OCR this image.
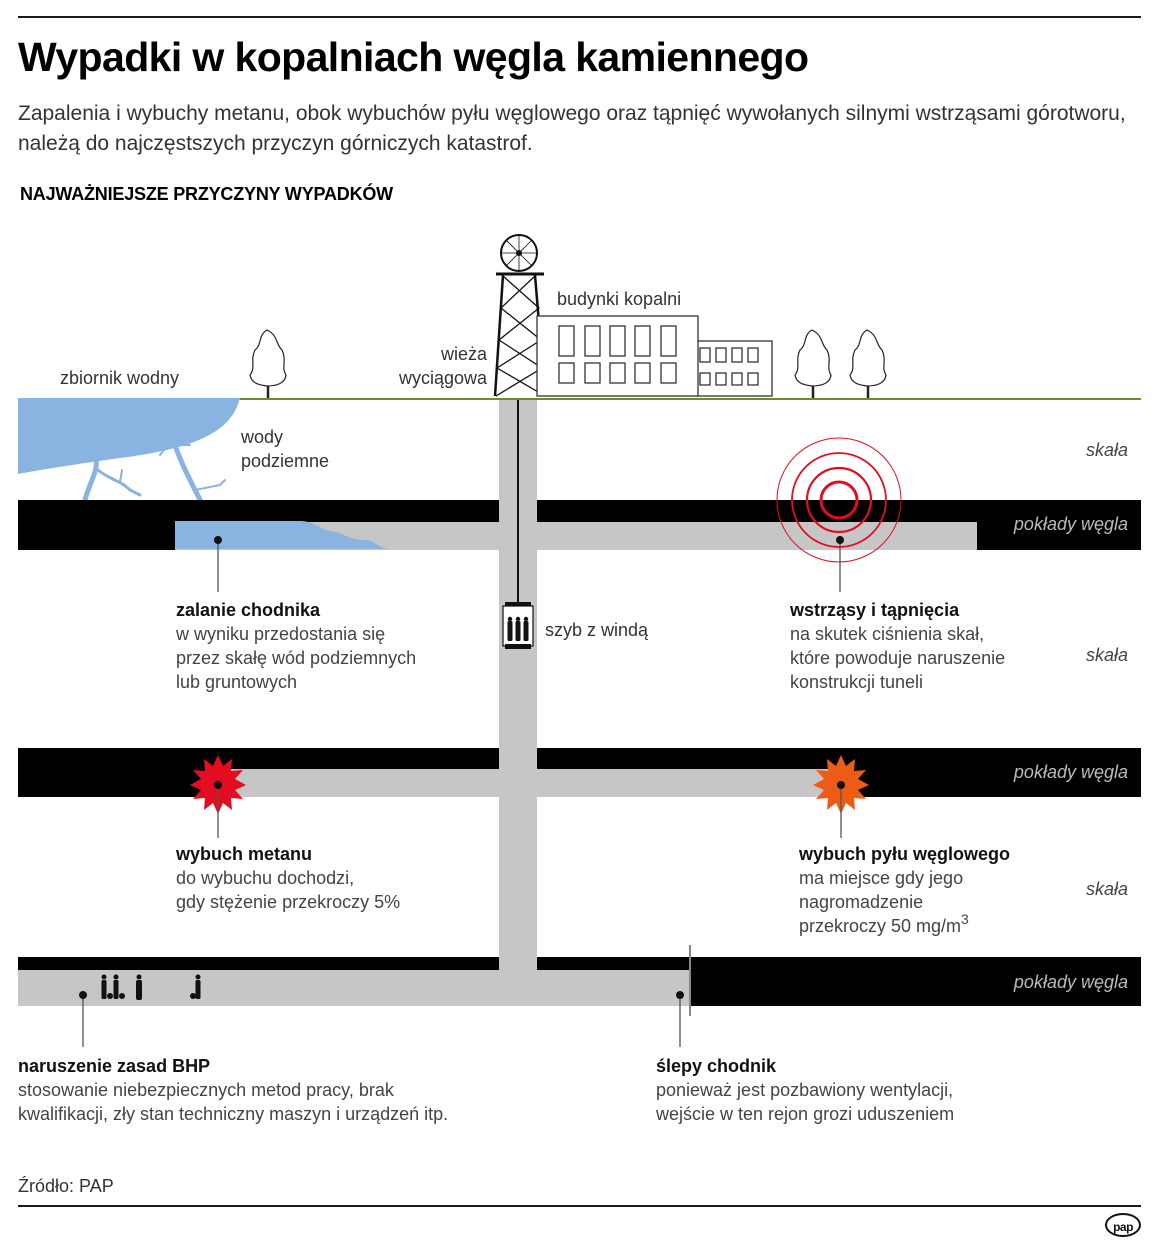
Wypadki w kopalniach węgla kamiennego

Zapalenia i wybuchy metanu, obok wybuchów pyłu węglowego oraz tąpnięć wywołanych silnymi wstrząsami górotworu, należą do najczęstszych przyczyn górniczych katastrof.

NAJWAŻNIEJSZE PRZYCZYNY WYPADKÓW
zbiornik wodny
wody
podziemne
wieża
wyciągowa
budynki kopalni
pokłady węgla
skała
pokłady węgla
skała
pokłady węgla
skała
szyb z windą
zalanie chodnika
w wyniku przedostania się
przez skałę wód podziemnych
lub gruntowych
wstrząsy i tąpnięcia
na skutek ciśnienia skał,
które powoduje naruszenie
konstrukcji tuneli
wybuch metanu
do wybuchu dochodzi,
gdy stężenie przekroczy 5%
wybuch pyłu węglowego
ma miejsce gdy jego
nagromadzenie
przekroczy 50 $mg/m^3$
naruszenie zasad BHP
stosowanie niebezpiecznych metod pracy, brak
kwalifikacji, zły stan techniczny maszyn i urządzeń itp.
ślepy chodnik
ponieważ jest pozbawiony wentylacji,
wejście w ten rejon grozi uduszeniem
Źródło: PAP
pap
